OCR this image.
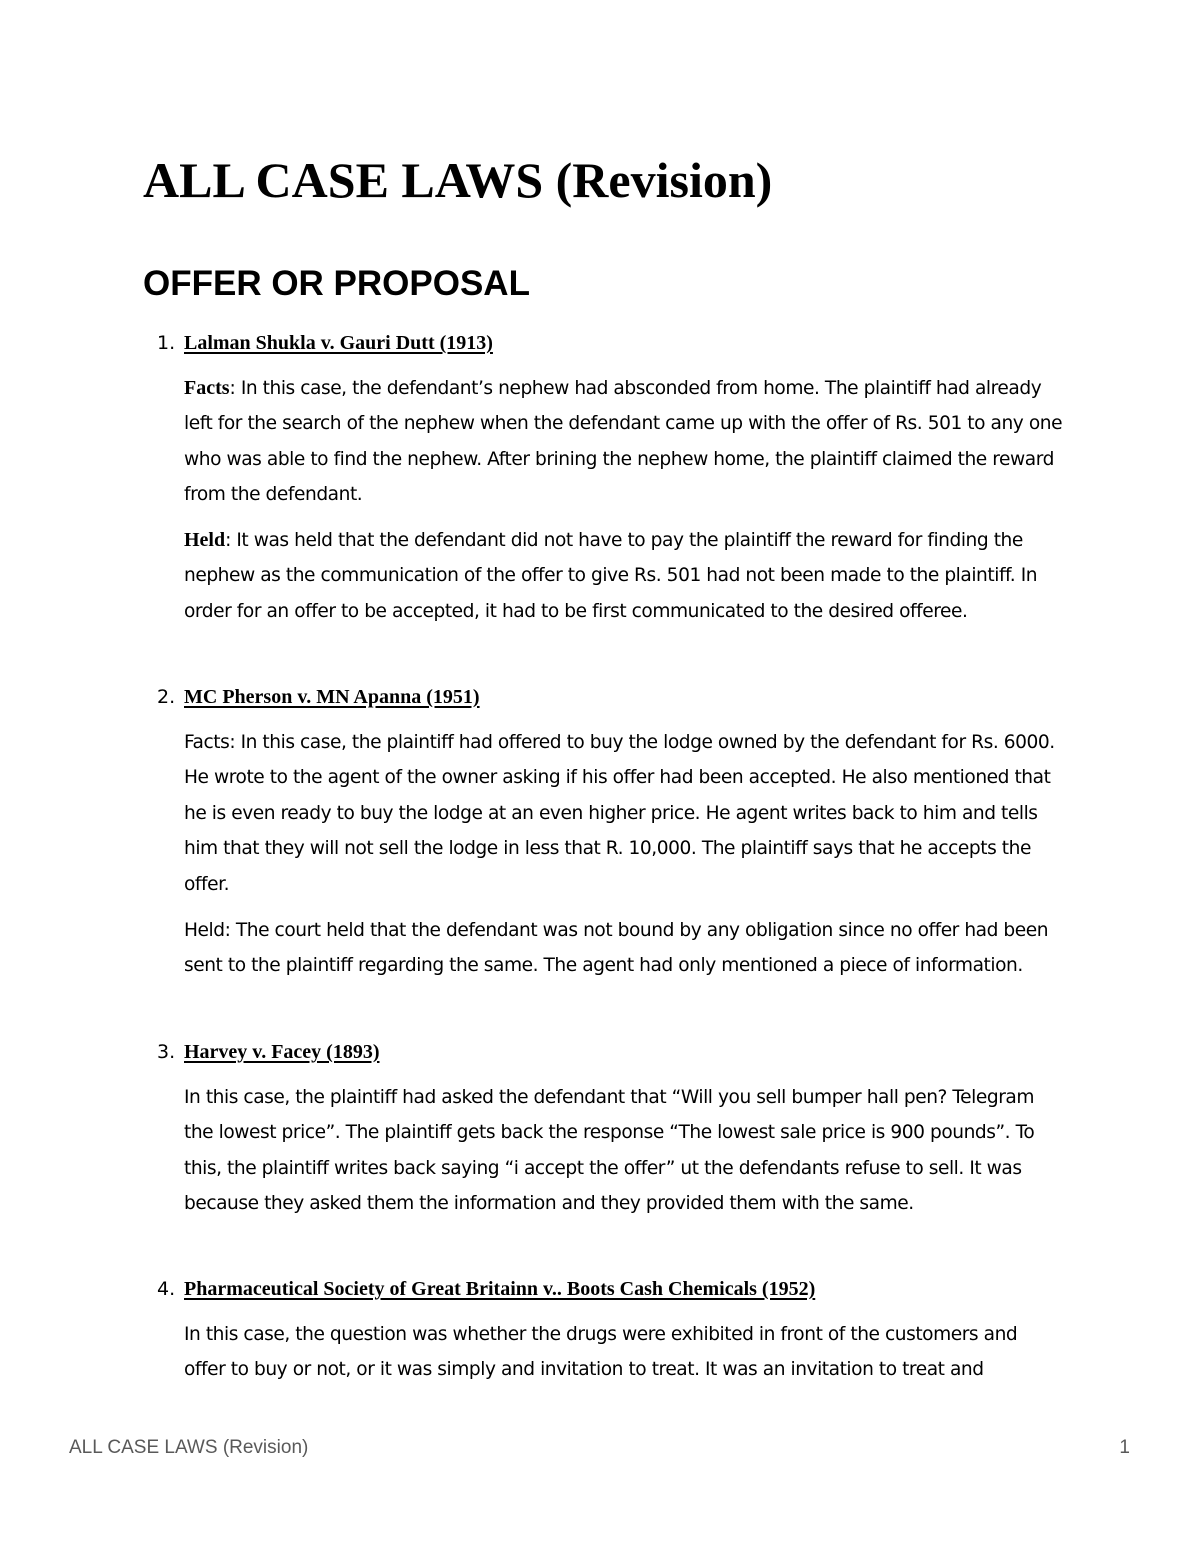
ALL CASE LAWS (Revision)
OFFER OR PROPOSAL
1. Lalman Shukla v. Gauri Dutt (1913)

Facts: In this case, the defendant’s nephew had absconded from home. The plaintiff had already left for the search of the nephew when the defendant came up with the offer of Rs. 501 to any one who was able to find the nephew. After brining the nephew home, the plaintiff claimed the reward from the defendant.

Held: It was held that the defendant did not have to pay the plaintiff the reward for finding the nephew as the communication of the offer to give Rs. 501 had not been made to the plaintiff. In order for an offer to be accepted, it had to be first communicated to the desired offeree.

2. MC Pherson v. MN Apanna (1951)

Facts: In this case, the plaintiff had offered to buy the lodge owned by the defendant for Rs. 6000. He wrote to the agent of the owner asking if his offer had been accepted. He also mentioned that he is even ready to buy the lodge at an even higher price. He agent writes back to him and tells him that they will not sell the lodge in less that R. 10,000. The plaintiff says that he accepts the offer.

Held: The court held that the defendant was not bound by any obligation since no offer had been sent to the plaintiff regarding the same. The agent had only mentioned a piece of information.

3. Harvey v. Facey (1893)

In this case, the plaintiff had asked the defendant that “Will you sell bumper hall pen? Telegram the lowest price”. The plaintiff gets back the response “The lowest sale price is 900 pounds”. To this, the plaintiff writes back saying “i accept the offer” ut the defendants refuse to sell. It was because they asked them the information and they provided them with the same.

4. Pharmaceutical Society of Great Britainn v.. Boots Cash Chemicals (1952)

In this case, the question was whether the drugs were exhibited in front of the customers and offer to buy or not, or it was simply and invitation to treat. It was an invitation to treat and

ALL CASE LAWS (Revision)	1
